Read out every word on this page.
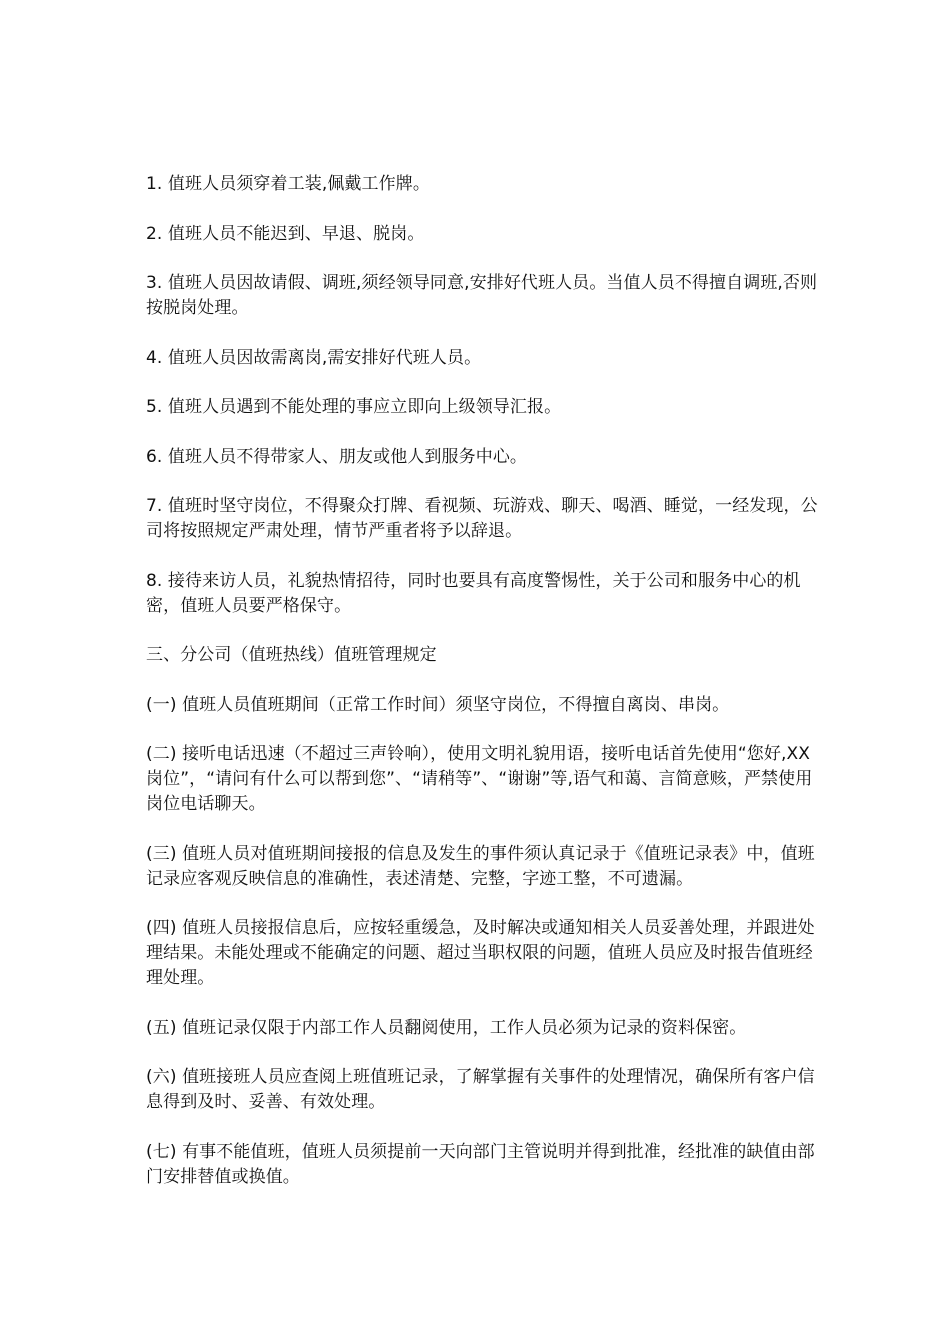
1. 值班人员须穿着工装,佩戴工作牌。

2. 值班人员不能迟到、早退、脱岗。

3. 值班人员因故请假、调班,须经领导同意,安排好代班人员。当值人员不得擅自调班,否则按脱岗处理。

4. 值班人员因故需离岗,需安排好代班人员。

5. 值班人员遇到不能处理的事应立即向上级领导汇报。

6. 值班人员不得带家人、朋友或他人到服务中心。

7. 值班时坚守岗位，不得聚众打牌、看视频、玩游戏、聊天、喝酒、睡觉，一经发现，公司将按照规定严肃处理，情节严重者将予以辞退。

8. 接待来访人员，礼貌热情招待，同时也要具有高度警惕性，关于公司和服务中心的机密，值班人员要严格保守。

三、分公司（值班热线）值班管理规定

(一) 值班人员值班期间（正常工作时间）须坚守岗位，不得擅自离岗、串岗。

(二) 接听电话迅速（不超过三声铃响），使用文明礼貌用语，接听电话首先使用“您好,XX岗位”，“请问有什么可以帮到您”、“请稍等”、“谢谢”等,语气和蔼、言简意赅，严禁使用岗位电话聊天。

(三) 值班人员对值班期间接报的信息及发生的事件须认真记录于《值班记录表》中，值班记录应客观反映信息的准确性，表述清楚、完整，字迹工整，不可遗漏。

(四) 值班人员接报信息后，应按轻重缓急，及时解决或通知相关人员妥善处理，并跟进处理结果。未能处理或不能确定的问题、超过当职权限的问题，值班人员应及时报告值班经理处理。

(五) 值班记录仅限于内部工作人员翻阅使用，工作人员必须为记录的资料保密。

(六) 值班接班人员应查阅上班值班记录，了解掌握有关事件的处理情况，确保所有客户信息得到及时、妥善、有效处理。

(七) 有事不能值班，值班人员须提前一天向部门主管说明并得到批准，经批准的缺值由部门安排替值或换值。
